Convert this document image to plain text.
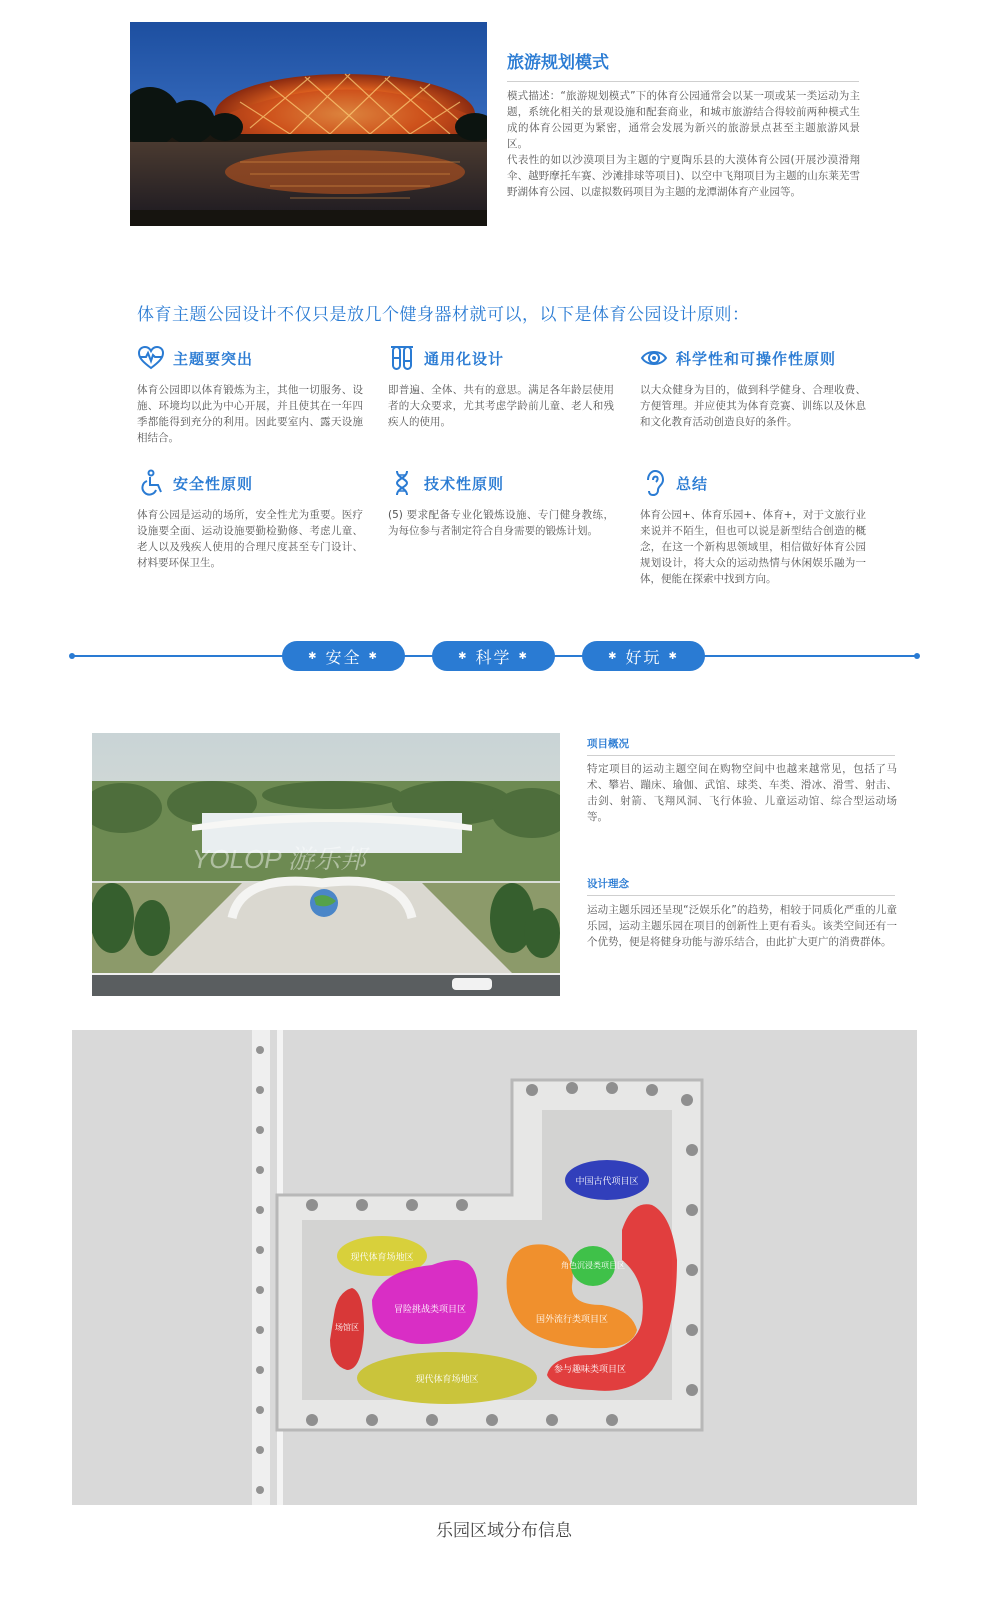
旅游规划模式

模式描述：“旅游规划模式”下的体育公园通常会以某一项或某一类运动为主题，系统化相关的景观设施和配套商业，和城市旅游结合得较前两种模式生成的体育公园更为紧密，通常会发展为新兴的旅游景点甚至主题旅游风景区。

代表性的如以沙漠项目为主题的宁夏陶乐县的大漠体育公园(开展沙漠滑翔伞、越野摩托车赛、沙滩排球等项目)、以空中飞翔项目为主题的山东莱芜雪野湖体育公园、以虚拟数码项目为主题的龙潭湖体育产业园等。

体育主题公园设计不仅只是放几个健身器材就可以，以下是体育公园设计原则：
主题要突出
体育公园即以体育锻炼为主，其他一切服务、设施、环境均以此为中心开展，并且使其在一年四季都能得到充分的利用。因此要室内、露天设施相结合。
通用化设计
即普遍、全体、共有的意思。满足各年龄层使用者的大众要求，尤其考虑学龄前儿童、老人和残疾人的使用。
科学性和可操作性原则
以大众健身为目的，做到科学健身、合理收费、方便管理。并应使其为体育竞赛、训练以及休息和文化教育活动创造良好的条件。
安全性原则
体育公园是运动的场所，安全性尤为重要。医疗设施要全面、运动设施要勤检勤修、考虑儿童、老人以及残疾人使用的合理尺度甚至专门设计、材料要环保卫生。
技术性原则
(5) 要求配备专业化锻炼设施、专门健身教练，为每位参与者制定符合自身需要的锻炼计划。
总结
体育公园+、体育乐园+、体育+，对于文旅行业来说并不陌生，但也可以说是新型结合创造的概念，在这一个新构思领域里，相信做好体育公园规划设计，将大众的运动热情与休闲娱乐融为一体，便能在探索中找到方向。
✱ 安全 ✱	✱ 科学 ✱	✱ 好玩 ✱
YOLOP 游乐邦
项目概况
特定项目的运动主题空间在购物空间中也越来越常见，包括了马术、攀岩、蹦床、瑜伽、武馆、球类、车类、滑冰、滑雪、射击、击剑、射箭、飞翔风洞、飞行体验、儿童运动馆、综合型运动场等。
设计理念
运动主题乐园还呈现“泛娱乐化”的趋势，相较于同质化严重的儿童乐园，运动主题乐园在项目的创新性上更有看头。该类空间还有一个优势，便是将健身功能与游乐结合，由此扩大更广的消费群体。
中国古代项目区
现代体育场地区
冒险挑战类项目区
场馆区
国外流行类项目区
角色沉浸类项目区
参与趣味类项目区
现代体育场地区
乐园区域分布信息
